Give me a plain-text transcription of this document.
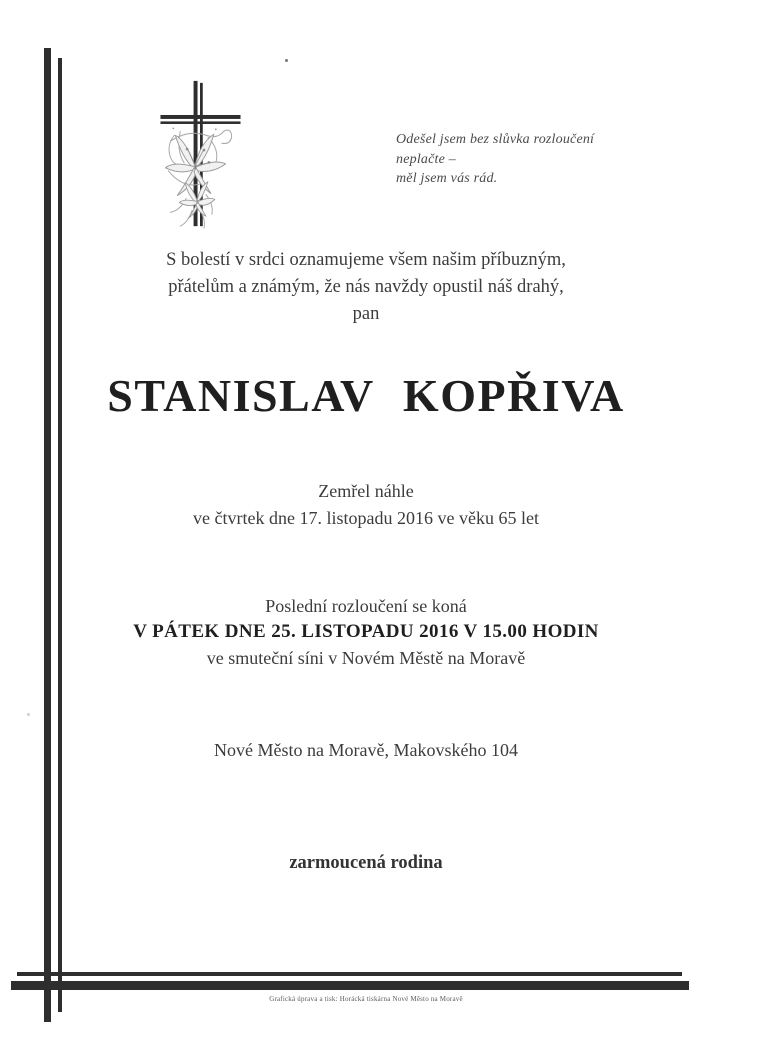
Odešel jsem bez slůvka rozloučení
neplačte –
měl jsem vás rád.
S bolestí v srdci oznamujeme všem našim příbuzným,
přátelům a známým, že nás navždy opustil náš drahý,
pan
STANISLAV KOPŘIVA
Zemřel náhle
ve čtvrtek dne 17. listopadu 2016 ve věku 65 let
Poslední rozloučení se koná
V PÁTEK DNE 25. LISTOPADU 2016 V 15.00 HODIN
ve smuteční síni v Novém Městě na Moravě
Nové Město na Moravě, Makovského 104
zarmoucená rodina
Grafická úprava a tisk: Horácká tiskárna Nové Město na Moravě
